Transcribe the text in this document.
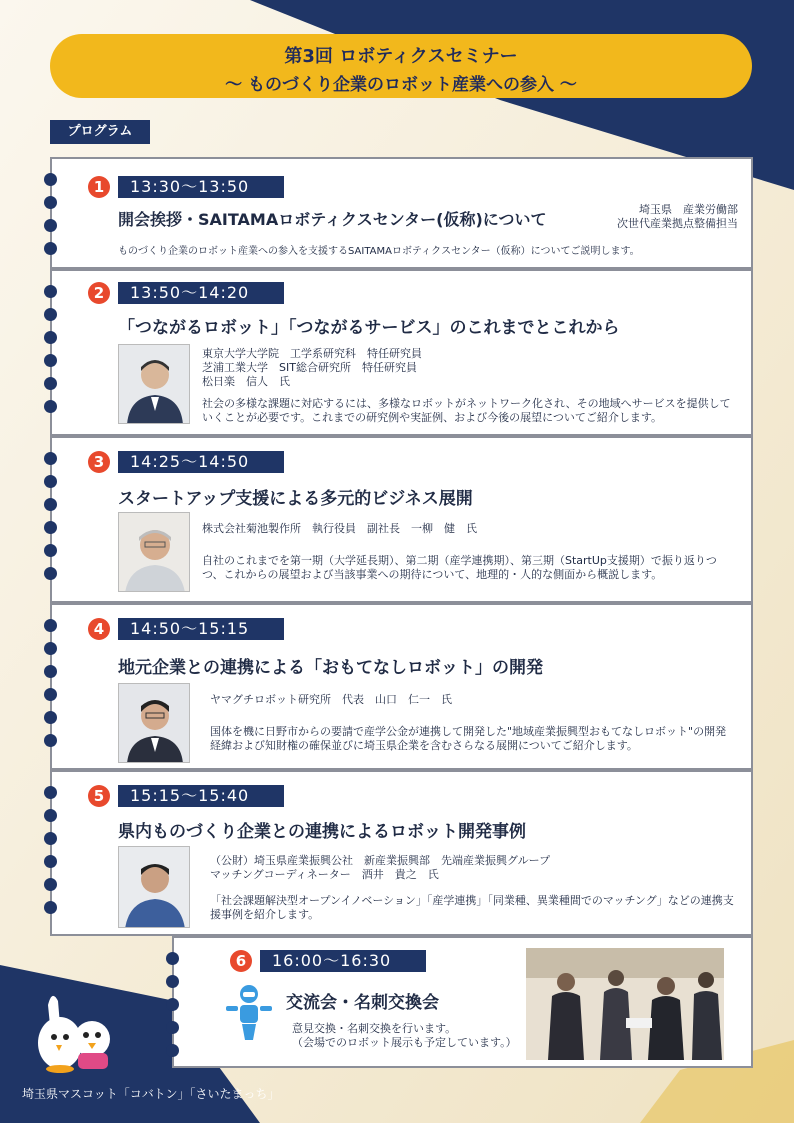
第3回 ロボティクスセミナー
～ ものづくり企業のロボット産業への参入 ～
プログラム
1	13:30～13:50
開会挨拶・SAITAMAロボティクスセンター(仮称)について
埼玉県　産業労働部
次世代産業拠点整備担当
ものづくり企業のロボット産業への参入を支援するSAITAMAロボティクスセンター（仮称）についてご説明します。
2	13:50～14:20
「つながるロボット」「つながるサービス」のこれまでとこれから
東京大学大学院　工学系研究科　特任研究員
芝浦工業大学　SIT総合研究所　特任研究員
松日楽　信人　氏
社会の多様な課題に対応するには、多様なロボットがネットワーク化され、その地域へサービスを提供していくことが必要です。これまでの研究例や実証例、および今後の展望についてご紹介します。
3	14:25～14:50
スタートアップ支援による多元的ビジネス展開
株式会社菊池製作所　執行役員　副社長　一柳　健　氏
自社のこれまでを第一期（大学延長期）、第二期（産学連携期）、第三期（StartUp支援期）で振り返りつつ、これからの展望および当該事業への期待について、地理的・人的な側面から概説します。
4	14:50～15:15
地元企業との連携による「おもてなしロボット」の開発
ヤマグチロボット研究所　代表　山口　仁一　氏
国体を機に日野市からの要請で産学公金が連携して開発した"地域産業振興型おもてなしロボット"の開発経緯および知財権の確保並びに埼玉県企業を含むさらなる展開についてご紹介します。
5	15:15～15:40
県内ものづくり企業との連携によるロボット開発事例
（公財）埼玉県産業振興公社　新産業振興部　先端産業振興グループ
マッチングコーディネーター　酒井　貴之　氏
「社会課題解決型オープンイノベーション」「産学連携」「同業種、異業種間でのマッチング」などの連携支援事例を紹介します。
6	16:00～16:30
交流会・名刺交換会
意見交換・名刺交換を行います。
（会場でのロボット展示も予定しています。）
埼玉県マスコット「コバトン」「さいたまっち」
